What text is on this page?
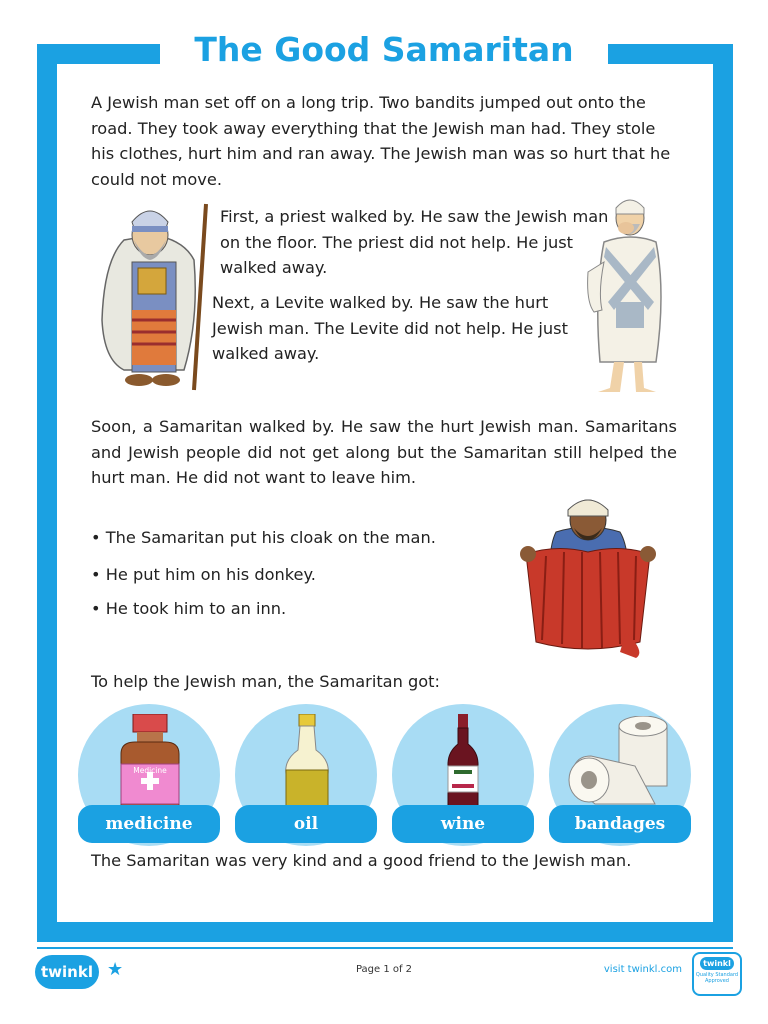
The Good Samaritan

A Jewish man set off on a long trip. Two bandits jumped out onto the road. They took away everything that the Jewish man had. They stole his clothes, hurt him and ran away. The Jewish man was so hurt that he could not move.

First, a priest walked by. He saw the Jewish man on the floor. The priest did not help. He just walked away.

Next, a Levite walked by. He saw the hurt Jewish man. The Levite did not help. He just walked away.

Soon, a Samaritan walked by. He saw the hurt Jewish man. Samaritans and Jewish people did not get along but the Samaritan still helped the hurt man. He did not want to leave him.

• The Samaritan put his cloak on the man.

• He put him on his donkey.

• He took him to an inn.

To help the Jewish man, the Samaritan got:

Medicine
medicine	oil	wine	bandages

The Samaritan was very kind and a good friend to the Jewish man.

twinkl ★	Page 1 of 2	visit twinkl.com
twinkl
Quality Standard Approved
